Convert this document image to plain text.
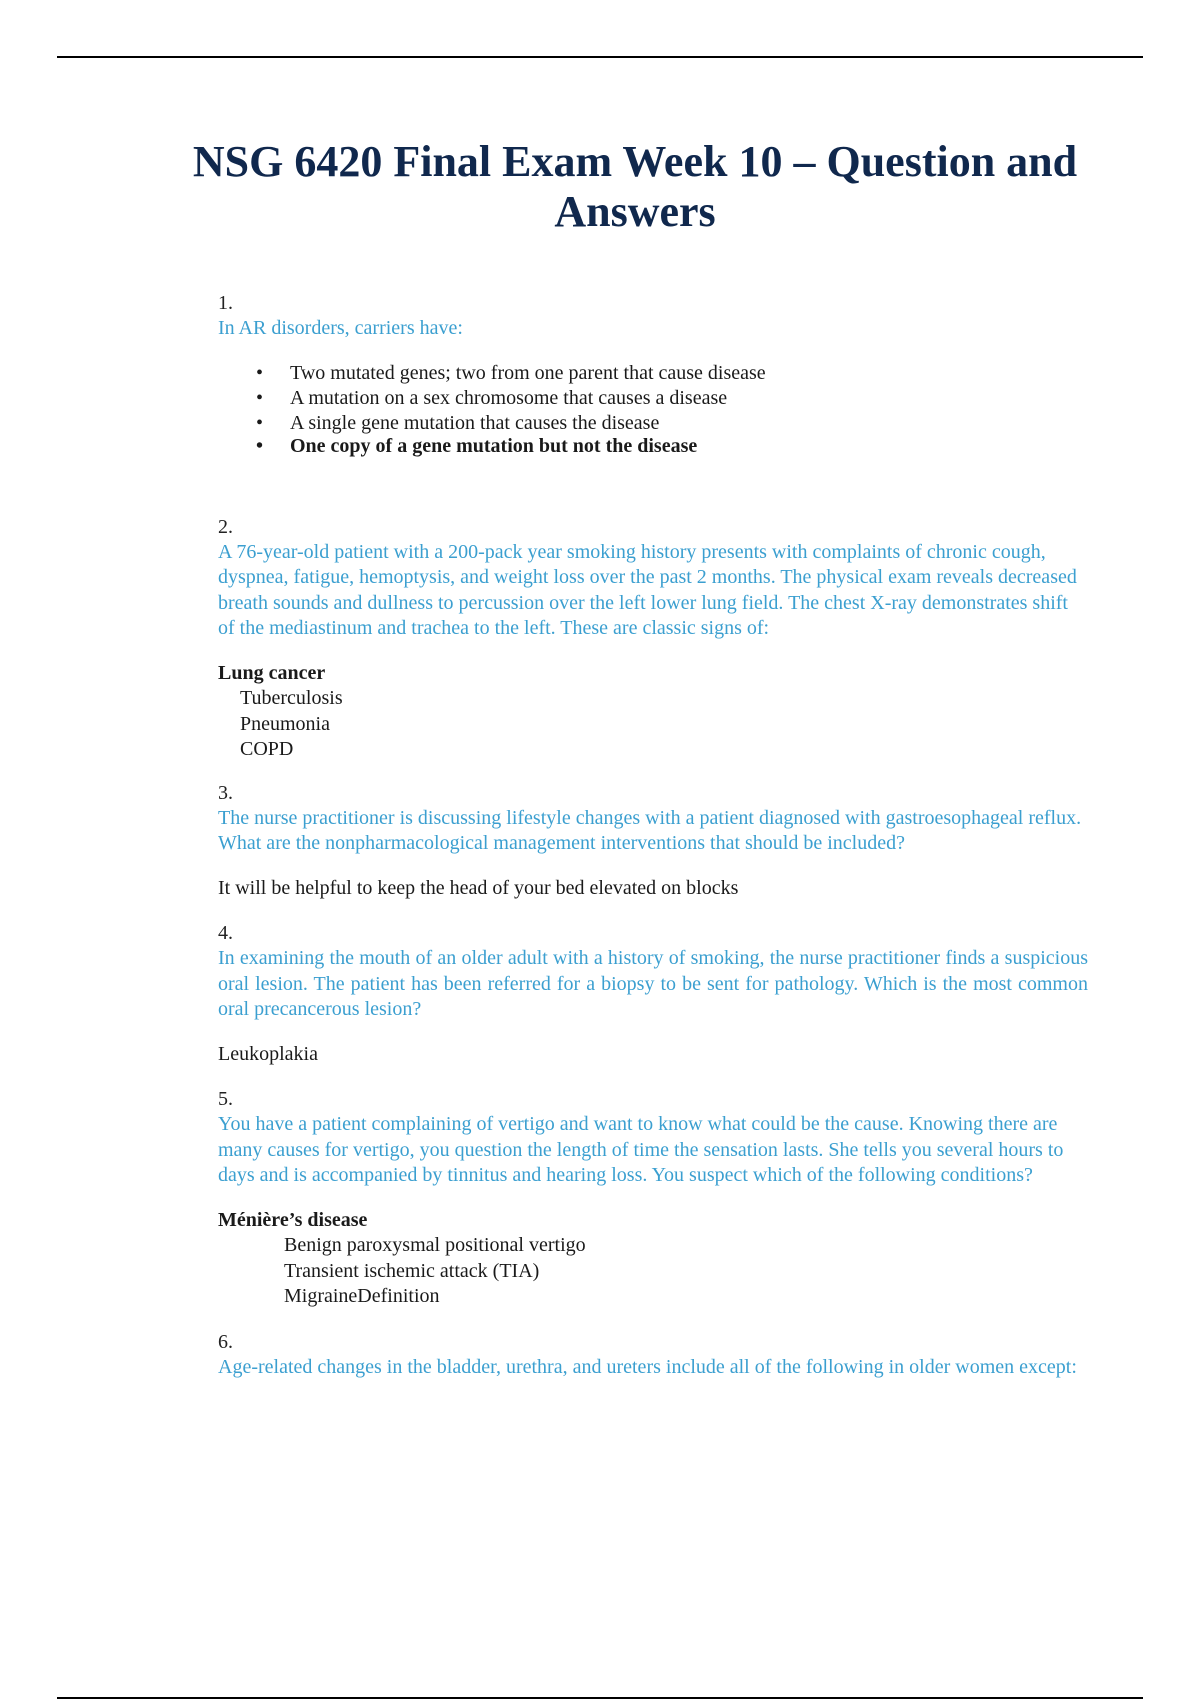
NSG 6420 Final Exam Week 10 – Question and Answers
1.
In AR disorders, carriers have:
• Two mutated genes; two from one parent that cause disease
• A mutation on a sex chromosome that causes a disease
• A single gene mutation that causes the disease
• One copy of a gene mutation but not the disease
2.
A 76-year-old patient with a 200-pack year smoking history presents with complaints of chronic cough, dyspnea, fatigue, hemoptysis, and weight loss over the past 2 months. The physical exam reveals decreased breath sounds and dullness to percussion over the left lower lung field. The chest X-ray demonstrates shift of the mediastinum and trachea to the left. These are classic signs of:
Lung cancer
Tuberculosis
Pneumonia
COPD
3.
The nurse practitioner is discussing lifestyle changes with a patient diagnosed with gastroesophageal reflux. What are the nonpharmacological management interventions that should be included?
It will be helpful to keep the head of your bed elevated on blocks
4.
In examining the mouth of an older adult with a history of smoking, the nurse practitioner finds a suspicious oral lesion. The patient has been referred for a biopsy to be sent for pathology. Which is the most common oral precancerous lesion?
Leukoplakia
5.
You have a patient complaining of vertigo and want to know what could be the cause. Knowing there are many causes for vertigo, you question the length of time the sensation lasts. She tells you several hours to days and is accompanied by tinnitus and hearing loss. You suspect which of the following conditions?
Ménière’s disease
Benign paroxysmal positional vertigo
Transient ischemic attack (TIA)
MigraineDefinition
6.
Age-related changes in the bladder, urethra, and ureters include all of the following in older women except:
